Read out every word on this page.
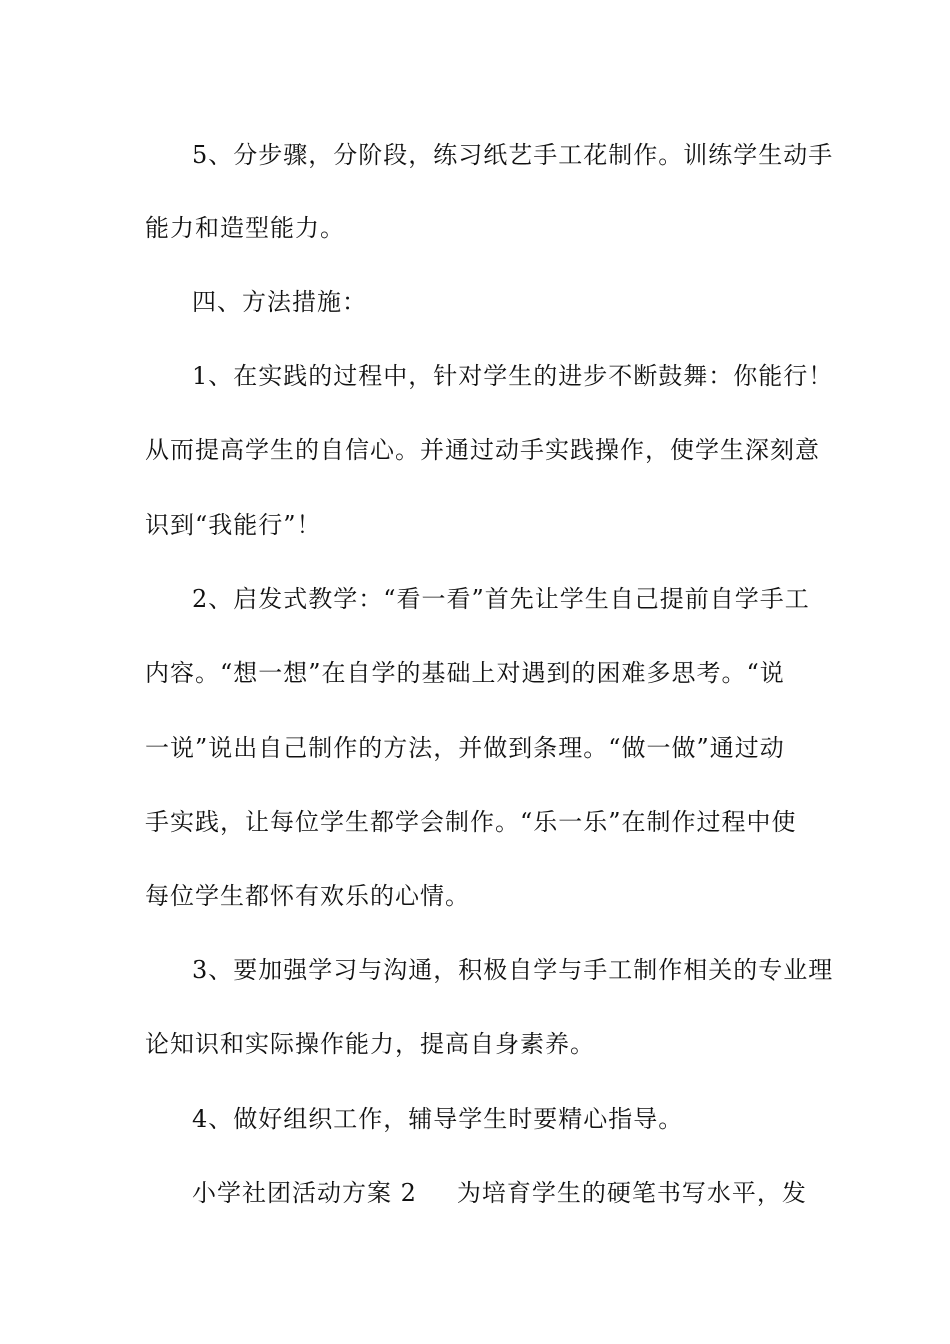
5、分步骤，分阶段，练习纸艺手工花制作。训练学生动手
能力和造型能力。
四、方法措施：
1、在实践的过程中，针对学生的进步不断鼓舞：你能行！
从而提高学生的自信心。并通过动手实践操作，使学生深刻意
识到“我能行”！
2、启发式教学：“看一看”首先让学生自己提前自学手工
内容。“想一想”在自学的基础上对遇到的困难多思考。“说
一说”说出自己制作的方法，并做到条理。“做一做”通过动
手实践，让每位学生都学会制作。“乐一乐”在制作过程中使
每位学生都怀有欢乐的心情。
3、要加强学习与沟通，积极自学与手工制作相关的专业理
论知识和实际操作能力，提高自身素养。
4、做好组织工作，辅导学生时要精心指导。
小学社团活动方案 2 为培育学生的硬笔书写水平，发
